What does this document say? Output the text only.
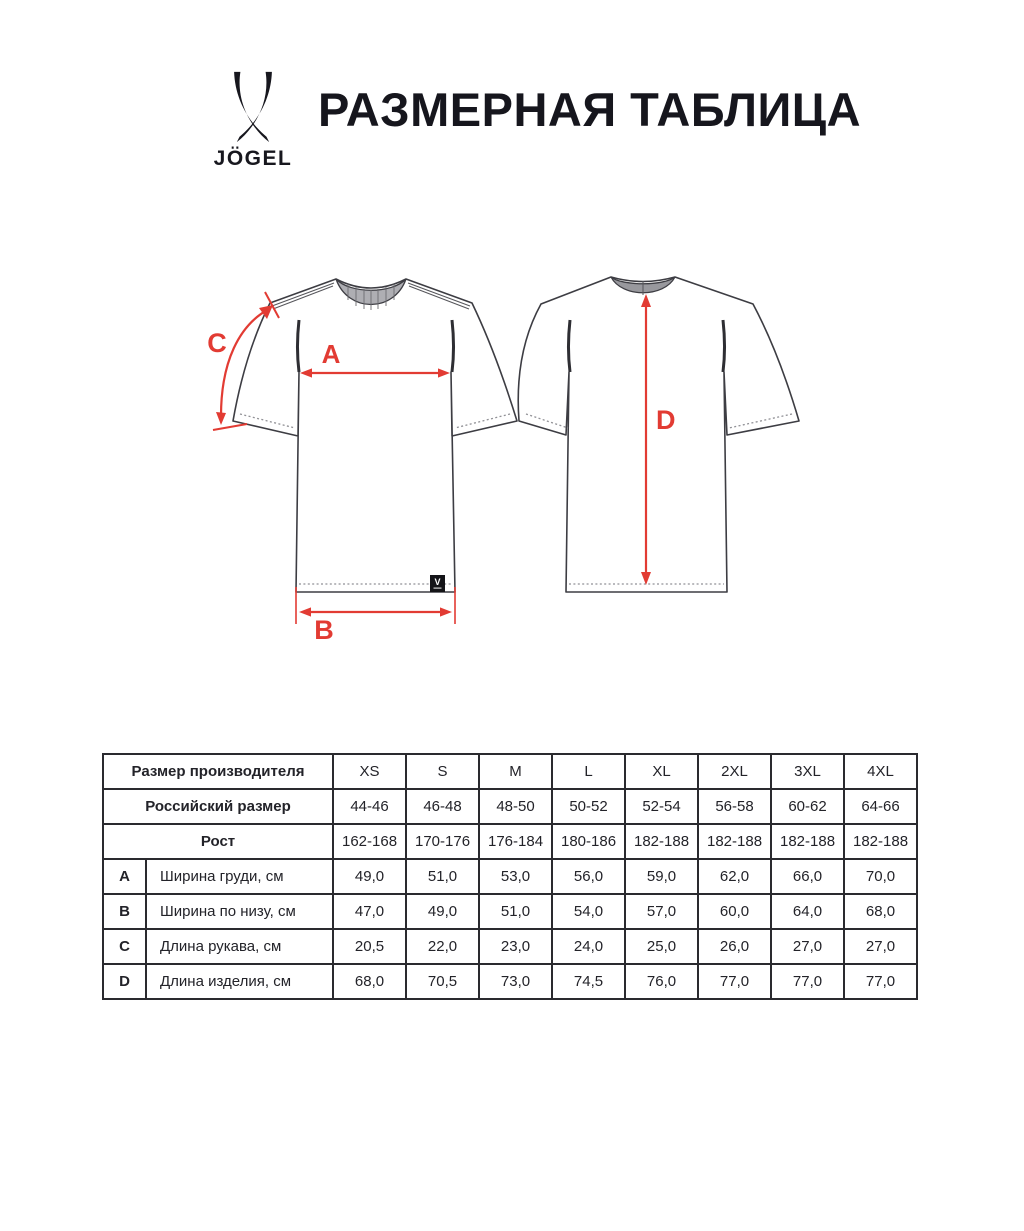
JÖGEL
РАЗМЕРНАЯ ТАБЛИЦА
V
A
B
C
D
Размер производителя		XS	S	M	L	XL	2XL	3XL	4XL
Российский размер		44-46	46-48	48-50	50-52	52-54	56-58	60-62	64-66
Рост		162-168	170-176	176-184	180-186	182-188	182-188	182-188	182-188
A	Ширина груди, см	49,0	51,0	53,0	56,0	59,0	62,0	66,0	70,0
B	Ширина по низу, см	47,0	49,0	51,0	54,0	57,0	60,0	64,0	68,0
C	Длина рукава, см	20,5	22,0	23,0	24,0	25,0	26,0	27,0	27,0
D	Длина изделия, см	68,0	70,5	73,0	74,5	76,0	77,0	77,0	77,0
